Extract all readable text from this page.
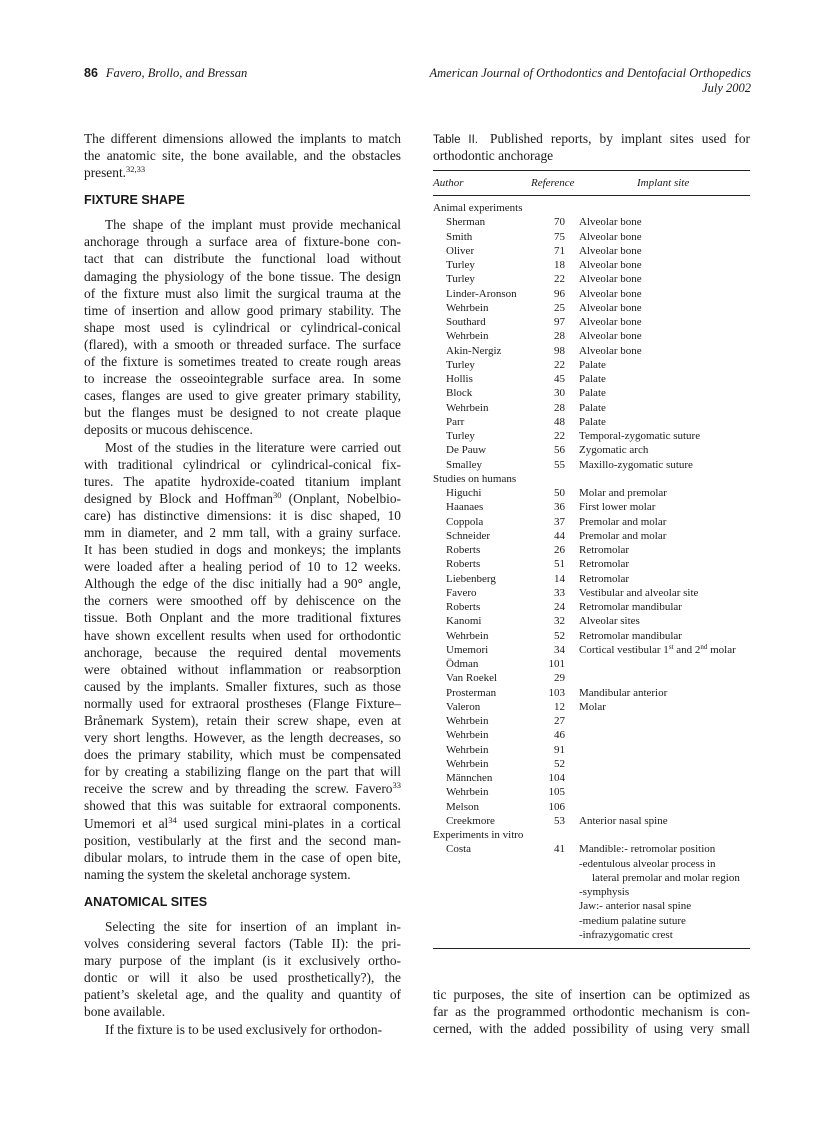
86 Favero, Brollo, and Bressan	American Journal of Orthodontics and Dentofacial Orthopedics
July 2002
The different dimensions allowed the implants to match
the anatomic site, the bone available, and the obstacles
present.$^{32,33}$
FIXTURE SHAPE
The shape of the implant must provide mechanical
anchorage through a surface area of fixture-bone con-
tact that can distribute the functional load without
damaging the physiology of the bone tissue. The design
of the fixture must also limit the surgical trauma at the
time of insertion and allow good primary stability. The
shape most used is cylindrical or cylindrical-conical
(flared), with a smooth or threaded surface. The surface
of the fixture is sometimes treated to create rough areas
to increase the osseointegrable surface area. In some
cases, flanges are used to give greater primary stability,
but the flanges must be designed to not create plaque
deposits or mucous dehiscence.
Most of the studies in the literature were carried out
with traditional cylindrical or cylindrical-conical fix-
tures. The apatite hydroxide-coated titanium implant
designed by Block and Hoffman$^{30}$ (Onplant, Nobelbio-
care) has distinctive dimensions: it is disc shaped, 10
mm in diameter, and 2 mm tall, with a grainy surface.
It has been studied in dogs and monkeys; the implants
were loaded after a healing period of 10 to 12 weeks.
Although the edge of the disc initially had a 90° angle,
the corners were smoothed off by dehiscence on the
tissue. Both Onplant and the more traditional fixtures
have shown excellent results when used for orthodontic
anchorage, because the required dental movements
were obtained without inflammation or reabsorption
caused by the implants. Smaller fixtures, such as those
normally used for extraoral prostheses (Flange Fixture–
Brånemark System), retain their screw shape, even at
very short lengths. However, as the length decreases, so
does the primary stability, which must be compensated
for by creating a stabilizing flange on the part that will
receive the screw and by threading the screw. Favero$^{33}$
showed that this was suitable for extraoral components.
Umemori et $al^{34}$ used surgical mini-plates in a cortical
position, vestibularly at the first and the second man-
dibular molars, to intrude them in the case of open bite,
naming the system the skeletal anchorage system.
ANATOMICAL SITES
Selecting the site for insertion of an implant in-
volves considering several factors (Table II): the pri-
mary purpose of the implant (is it exclusively ortho-
dontic or will it also be used prosthetically?), the
patient’s skeletal age, and the quality and quantity of
bone available.
If the fixture is to be used exclusively for orthodon-
Table II. Published reports, by implant sites used for
orthodontic anchorage
Author	Reference	Implant site
Animal experiments
Sherman	70 Alveolar bone
Smith	75 Alveolar bone
Oliver	71 Alveolar bone
Turley	18 Alveolar bone
Turley	22 Alveolar bone
Linder-Aronson	96 Alveolar bone
Wehrbein	25 Alveolar bone
Southard	97 Alveolar bone
Wehrbein	28 Alveolar bone
Akin-Nergiz	98 Alveolar bone
Turley	22 Palate
Hollis	45 Palate
Block	30 Palate
Wehrbein	28 Palate
Parr	48 Palate
Turley	22 Temporal-zygomatic suture
De Pauw	56 Zygomatic arch
Smalley	55 Maxillo-zygomatic suture
Studies on humans
Higuchi	50 Molar and premolar
Haanaes	36 First lower molar
Coppola	37 Premolar and molar
Schneider	44 Premolar and molar
Roberts	26 Retromolar
Roberts	51 Retromolar
Liebenberg	14 Retromolar
Favero	33 Vestibular and alveolar site
Roberts	24 Retromolar mandibular
Kanomi	32 Alveolar sites
Wehrbein	52 Retromolar mandibular
Umemori	34 Cortical vestibular 1st and 2nd molar
Ödman	101
Van Roekel	29
Prosterman	103 Mandibular anterior
Valeron	12 Molar
Wehrbein	27
Wehrbein	46
Wehrbein	91
Wehrbein	52
Männchen	104
Wehrbein	105
Melson	106
Creekmore	53 Anterior nasal spine
Experiments in vitro
Costa	41 Mandible:- retromolar position
-edentulous alveolar process in
lateral premolar and molar region
-symphysis
Jaw:- anterior nasal spine
-medium palatine suture
-infrazygomatic crest
tic purposes, the site of insertion can be optimized as
far as the programmed orthodontic mechanism is con-
cerned, with the added possibility of using very small
